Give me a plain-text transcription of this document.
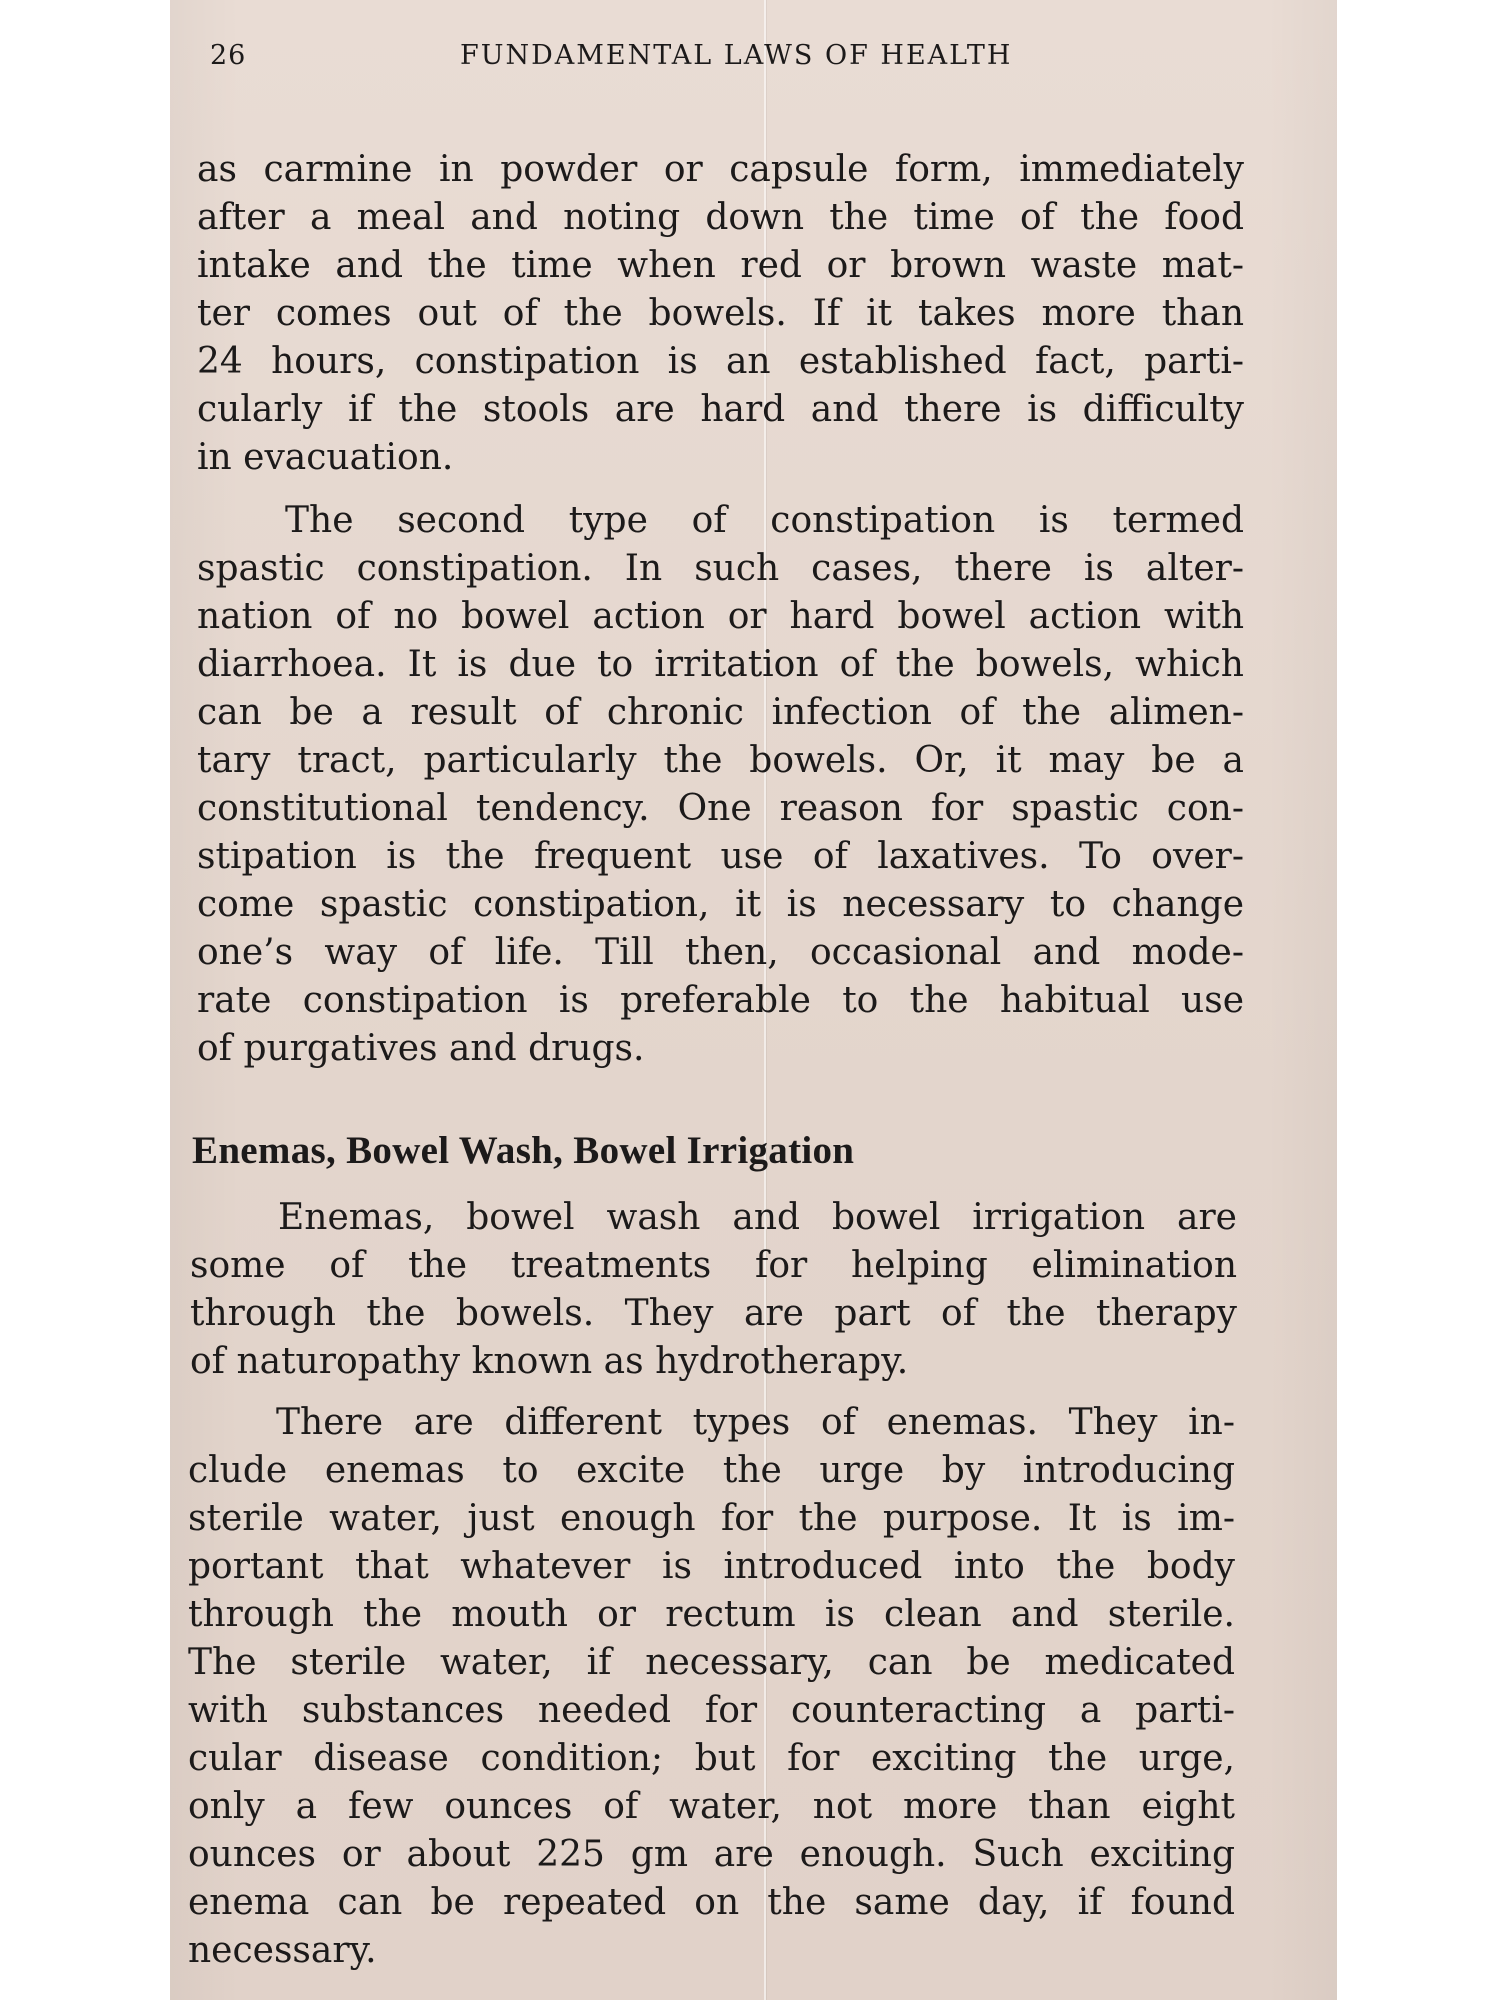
26	FUNDAMENTAL LAWS OF HEALTH
as carmine in powder or capsule form, immediately
after a meal and noting down the time of the food
intake and the time when red or brown waste mat-
ter comes out of the bowels. If it takes more than
24 hours, constipation is an established fact, parti-
cularly if the stools are hard and there is difficulty
in evacuation.
The second type of constipation is termed
spastic constipation. In such cases, there is alter-
nation of no bowel action or hard bowel action with
diarrhoea. It is due to irritation of the bowels, which
can be a result of chronic infection of the alimen-
tary tract, particularly the bowels. Or, it may be a
constitutional tendency. One reason for spastic con-
stipation is the frequent use of laxatives. To over-
come spastic constipation, it is necessary to change
one’s way of life. Till then, occasional and mode-
rate constipation is preferable to the habitual use
of purgatives and drugs.
Enemas, Bowel Wash, Bowel Irrigation
Enemas, bowel wash and bowel irrigation are
some of the treatments for helping elimination
through the bowels. They are part of the therapy
of naturopathy known as hydrotherapy.
There are different types of enemas. They in-
clude enemas to excite the urge by introducing
sterile water, just enough for the purpose. It is im-
portant that whatever is introduced into the body
through the mouth or rectum is clean and sterile.
The sterile water, if necessary, can be medicated
with substances needed for counteracting a parti-
cular disease condition; but for exciting the urge,
only a few ounces of water, not more than eight
ounces or about 225 gm are enough. Such exciting
enema can be repeated on the same day, if found
necessary.
